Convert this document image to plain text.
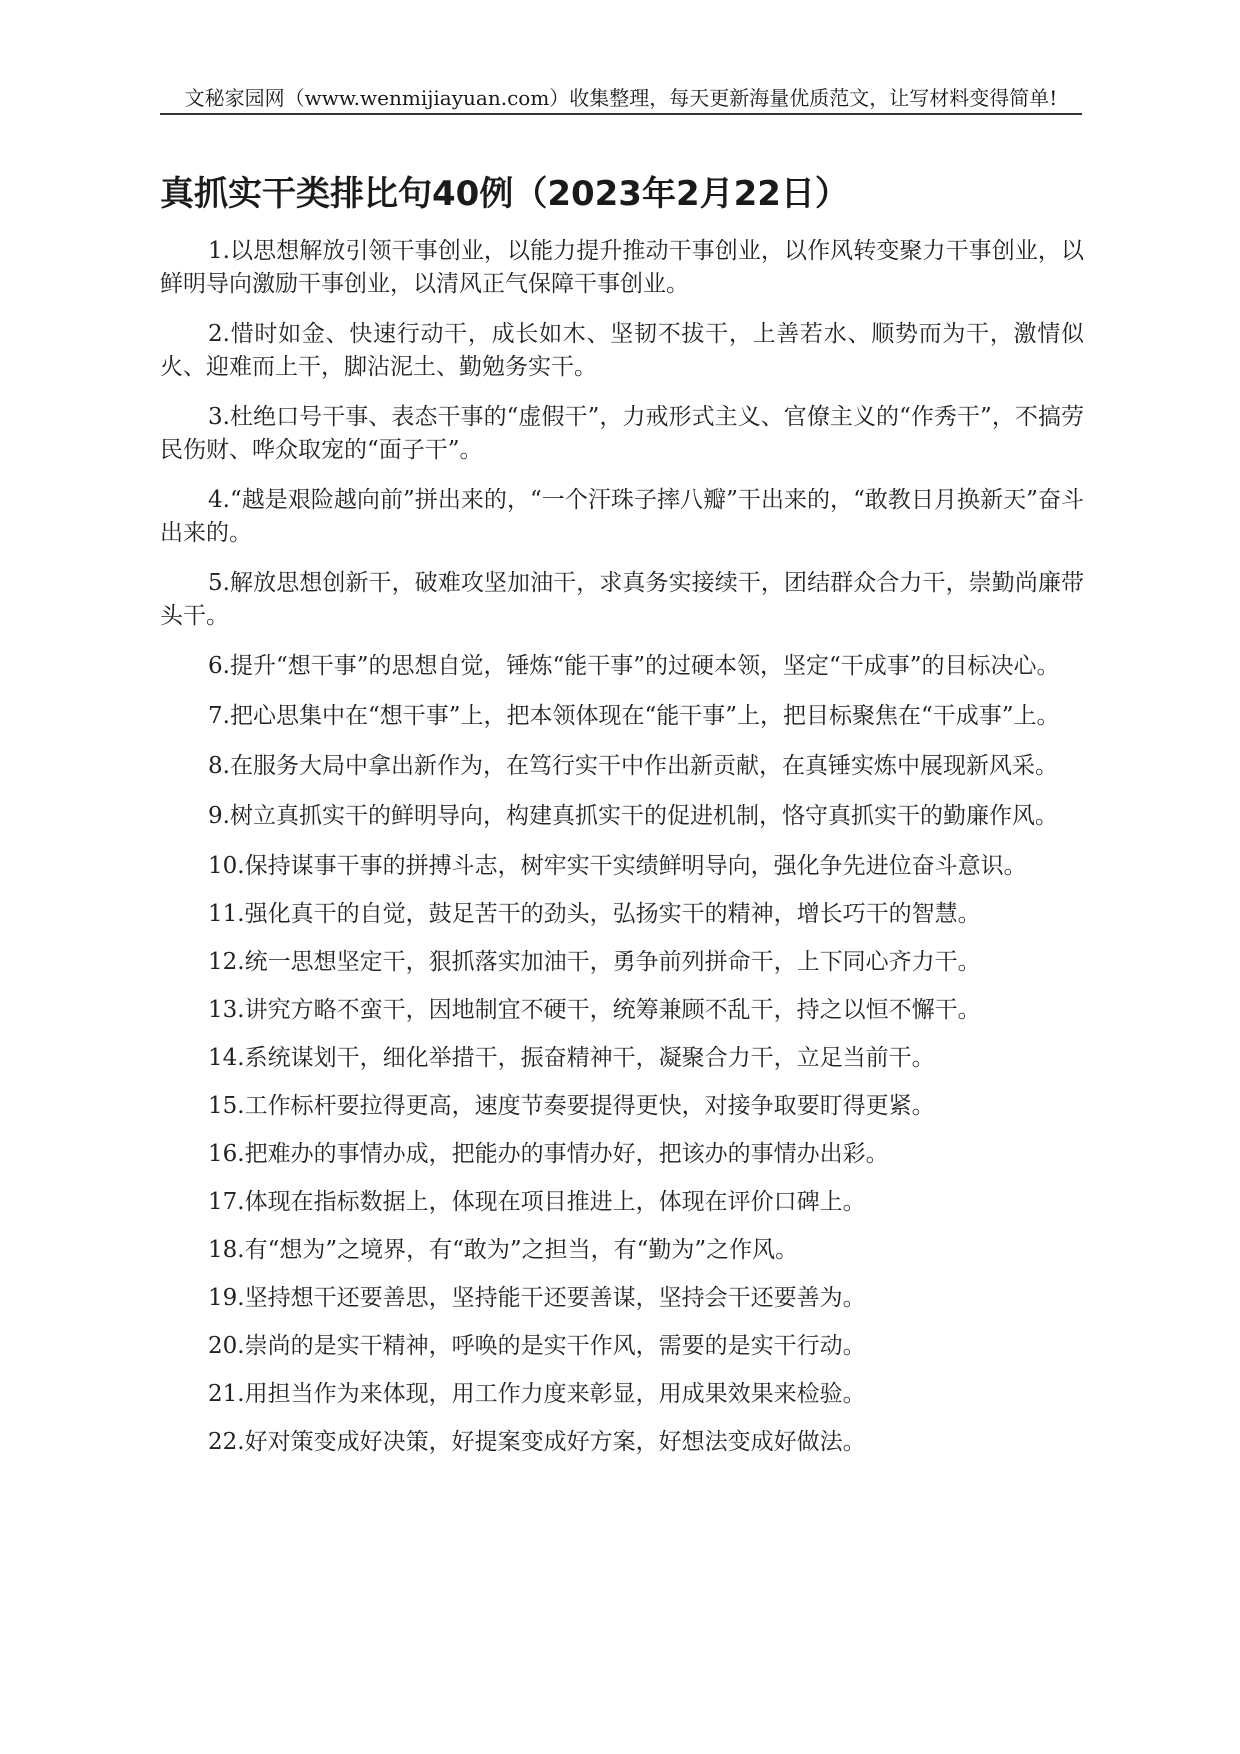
文秘家园网（www.wenmijiayuan.com）收集整理，每天更新海量优质范文，让写材料变得简单!
真抓实干类排比句40例（2023年2月22日）

1.以思想解放引领干事创业，以能力提升推动干事创业，以作风转变聚力干事创业，以鲜明导向激励干事创业，以清风正气保障干事创业。

2.惜时如金、快速行动干，成长如木、坚韧不拔干，上善若水、顺势而为干，激情似火、迎难而上干，脚沾泥土、勤勉务实干。

3.杜绝口号干事、表态干事的“虚假干”，力戒形式主义、官僚主义的“作秀干”，不搞劳民伤财、哗众取宠的“面子干”。

4.“越是艰险越向前”拼出来的，“一个汗珠子摔八瓣”干出来的，“敢教日月换新天”奋斗出来的。

5.解放思想创新干，破难攻坚加油干，求真务实接续干，团结群众合力干，崇勤尚廉带头干。

6.提升“想干事”的思想自觉，锤炼“能干事”的过硬本领，坚定“干成事”的目标决心。

7.把心思集中在“想干事”上，把本领体现在“能干事”上，把目标聚焦在“干成事”上。

8.在服务大局中拿出新作为，在笃行实干中作出新贡献，在真锤实炼中展现新风采。

9.树立真抓实干的鲜明导向，构建真抓实干的促进机制，恪守真抓实干的勤廉作风。

10.保持谋事干事的拼搏斗志，树牢实干实绩鲜明导向，强化争先进位奋斗意识。

11.强化真干的自觉，鼓足苦干的劲头，弘扬实干的精神，增长巧干的智慧。

12.统一思想坚定干，狠抓落实加油干，勇争前列拼命干，上下同心齐力干。

13.讲究方略不蛮干，因地制宜不硬干，统筹兼顾不乱干，持之以恒不懈干。

14.系统谋划干，细化举措干，振奋精神干，凝聚合力干，立足当前干。

15.工作标杆要拉得更高，速度节奏要提得更快，对接争取要盯得更紧。

16.把难办的事情办成，把能办的事情办好，把该办的事情办出彩。

17.体现在指标数据上，体现在项目推进上，体现在评价口碑上。

18.有“想为”之境界，有“敢为”之担当，有“勤为”之作风。

19.坚持想干还要善思，坚持能干还要善谋，坚持会干还要善为。

20.崇尚的是实干精神，呼唤的是实干作风，需要的是实干行动。

21.用担当作为来体现，用工作力度来彰显，用成果效果来检验。

22.好对策变成好决策，好提案变成好方案，好想法变成好做法。
